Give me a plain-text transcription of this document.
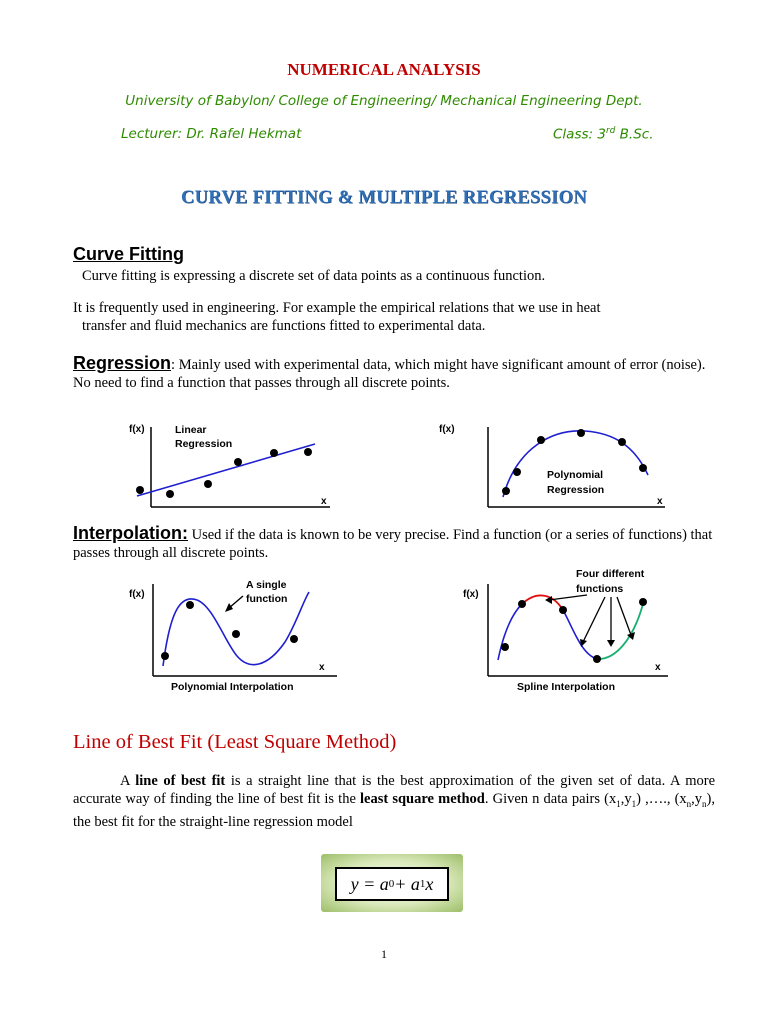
NUMERICAL ANALYSIS
University of Babylon/ College of Engineering/ Mechanical Engineering Dept.
Lecturer: Dr. Rafel Hekmat	Class: 3rd B.Sc.
CURVE FITTING & MULTIPLE REGRESSION
Curve Fitting
Curve fitting is expressing a discrete set of data points as a continuous function.
It is frequently used in engineering. For example the empirical relations that we use in heat
transfer and fluid mechanics are functions fitted to experimental data.
Regression: Mainly used with experimental data, which might have significant amount of error (noise). No need to find a function that passes through all discrete points.
f(x)
x
Linear
Regression
f(x)
x
Polynomial
Regression
Interpolation: Used if the data is known to be very precise. Find a function (or a series of functions) that passes through all discrete points.
f(x)
x
A single
function
Polynomial Interpolation
f(x)
x
Four different
functions
Spline Interpolation
Line of Best Fit (Least Square Method)
A line of best fit is a straight line that is the best approximation of the given set of data. A more accurate way of finding the line of best fit is the least square method. Given n data pairs $(x_1,y_1)$ ,…., $(x_n,y_n)$, the best fit for the straight-line regression model
y = a 0 + a 1 x
1
